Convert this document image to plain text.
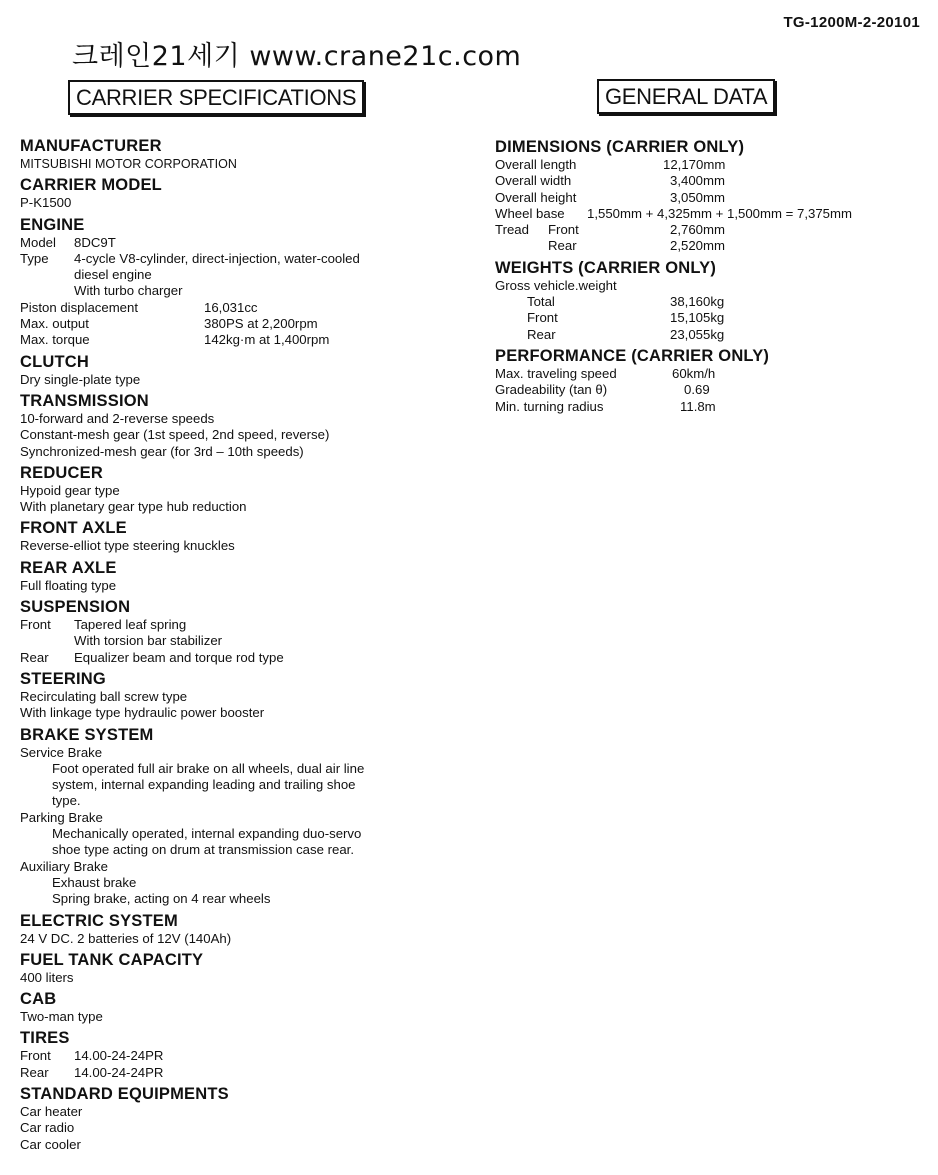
TG-1200M-2-20101
크레인21세기 www.crane21c.com
CARRIER SPECIFICATIONS	GENERAL DATA
MANUFACTURER
MITSUBISHI MOTOR CORPORATION
CARRIER MODEL
P-K1500
ENGINE
Model 8DC9T
Type 4-cycle V8-cylinder, direct-injection, water-cooled
diesel engine
With turbo charger
Piston displacement	16,031cc
Max. output	380PS at 2,200rpm
Max. torque	142kg·m at 1,400rpm
CLUTCH
Dry single-plate type
TRANSMISSION
10-forward and 2-reverse speeds
Constant-mesh gear (1st speed, 2nd speed, reverse)
Synchronized-mesh gear (for 3rd – 10th speeds)
REDUCER
Hypoid gear type
With planetary gear type hub reduction
FRONT AXLE
Reverse-elliot type steering knuckles
REAR AXLE
Full floating type
SUSPENSION
Front Tapered leaf spring
With torsion bar stabilizer
Rear Equalizer beam and torque rod type
STEERING
Recirculating ball screw type
With linkage type hydraulic power booster
BRAKE SYSTEM
Service Brake
Foot operated full air brake on all wheels, dual air line
system, internal expanding leading and trailing shoe
type.
Parking Brake
Mechanically operated, internal expanding duo-servo
shoe type acting on drum at transmission case rear.
Auxiliary Brake
Exhaust brake
Spring brake, acting on 4 rear wheels
ELECTRIC SYSTEM
24 V DC. 2 batteries of 12V (140Ah)
FUEL TANK CAPACITY
400 liters
CAB
Two-man type
TIRES
Front 14.00-24-24PR
Rear 14.00-24-24PR
STANDARD EQUIPMENTS
Car heater
Car radio
Car cooler
DIMENSIONS (CARRIER ONLY)
Overall length	12,170mm
Overall width	3,400mm
Overall height	3,050mm
Wheel base 1,550mm + 4,325mm + 1,500mm = 7,375mm
Tread Front	2,760mm
Rear	2,520mm
WEIGHTS (CARRIER ONLY)
Gross vehicle.weight
Total	38,160kg
Front	15,105kg
Rear	23,055kg
PERFORMANCE (CARRIER ONLY)
Max. traveling speed	60km/h
Gradeability (tan θ)	0.69
Min. turning radius	11.8m
